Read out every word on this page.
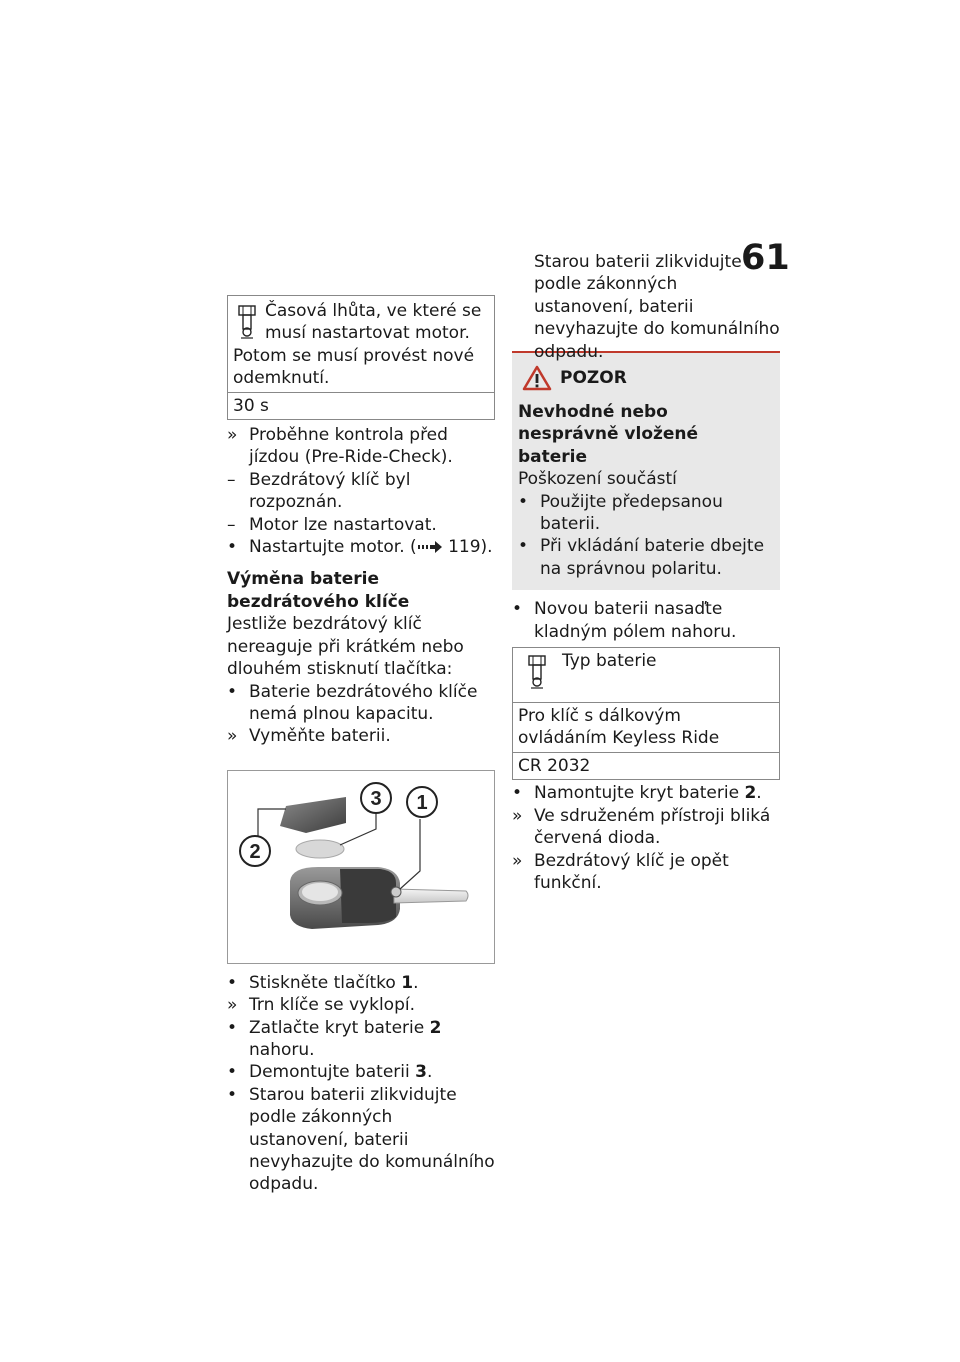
61
Časová lhůta, ve které se musí nastartovat motor. Potom se musí provést nové odemknutí.
30 s
» Proběhne kontrola před jízdou (Pre-Ride-Check).
– Bezdrátový klíč byl rozpoznán.
– Motor lze nastartovat.
• Nastartujte motor. ( 119).
Výměna baterie bezdrátového klíče
Jestliže bezdrátový klíč nereaguje při krátkém nebo dlouhém stisknutí tlačítka:
• Baterie bezdrátového klíče nemá plnou kapacitu.
» Vyměňte baterii.
2
3 1
• Stiskněte tlačítko 1.
» Trn klíče se vyklopí.
• Zatlačte kryt baterie 2 nahoru.
• Demontujte baterii 3.
• Starou baterii zlikvidujte podle zákonných ustanovení, baterii nevyhazujte do komunálního odpadu.
Starou baterii zlikvidujte podle zákonných ustanovení, baterii nevyhazujte do komunálního odpadu.
POZOR
Nevhodné nebo nesprávně vložené baterie
Poškození součástí
• Použijte předepsanou baterii.
• Při vkládání baterie dbejte na správnou polaritu.
• Novou baterii nasaďte kladným pólem nahoru.
Typ baterie
Pro klíč s dálkovým ovládáním Keyless Ride
CR 2032
• Namontujte kryt baterie 2.
» Ve sdruženém přístroji bliká červená dioda.
» Bezdrátový klíč je opět funkční.
